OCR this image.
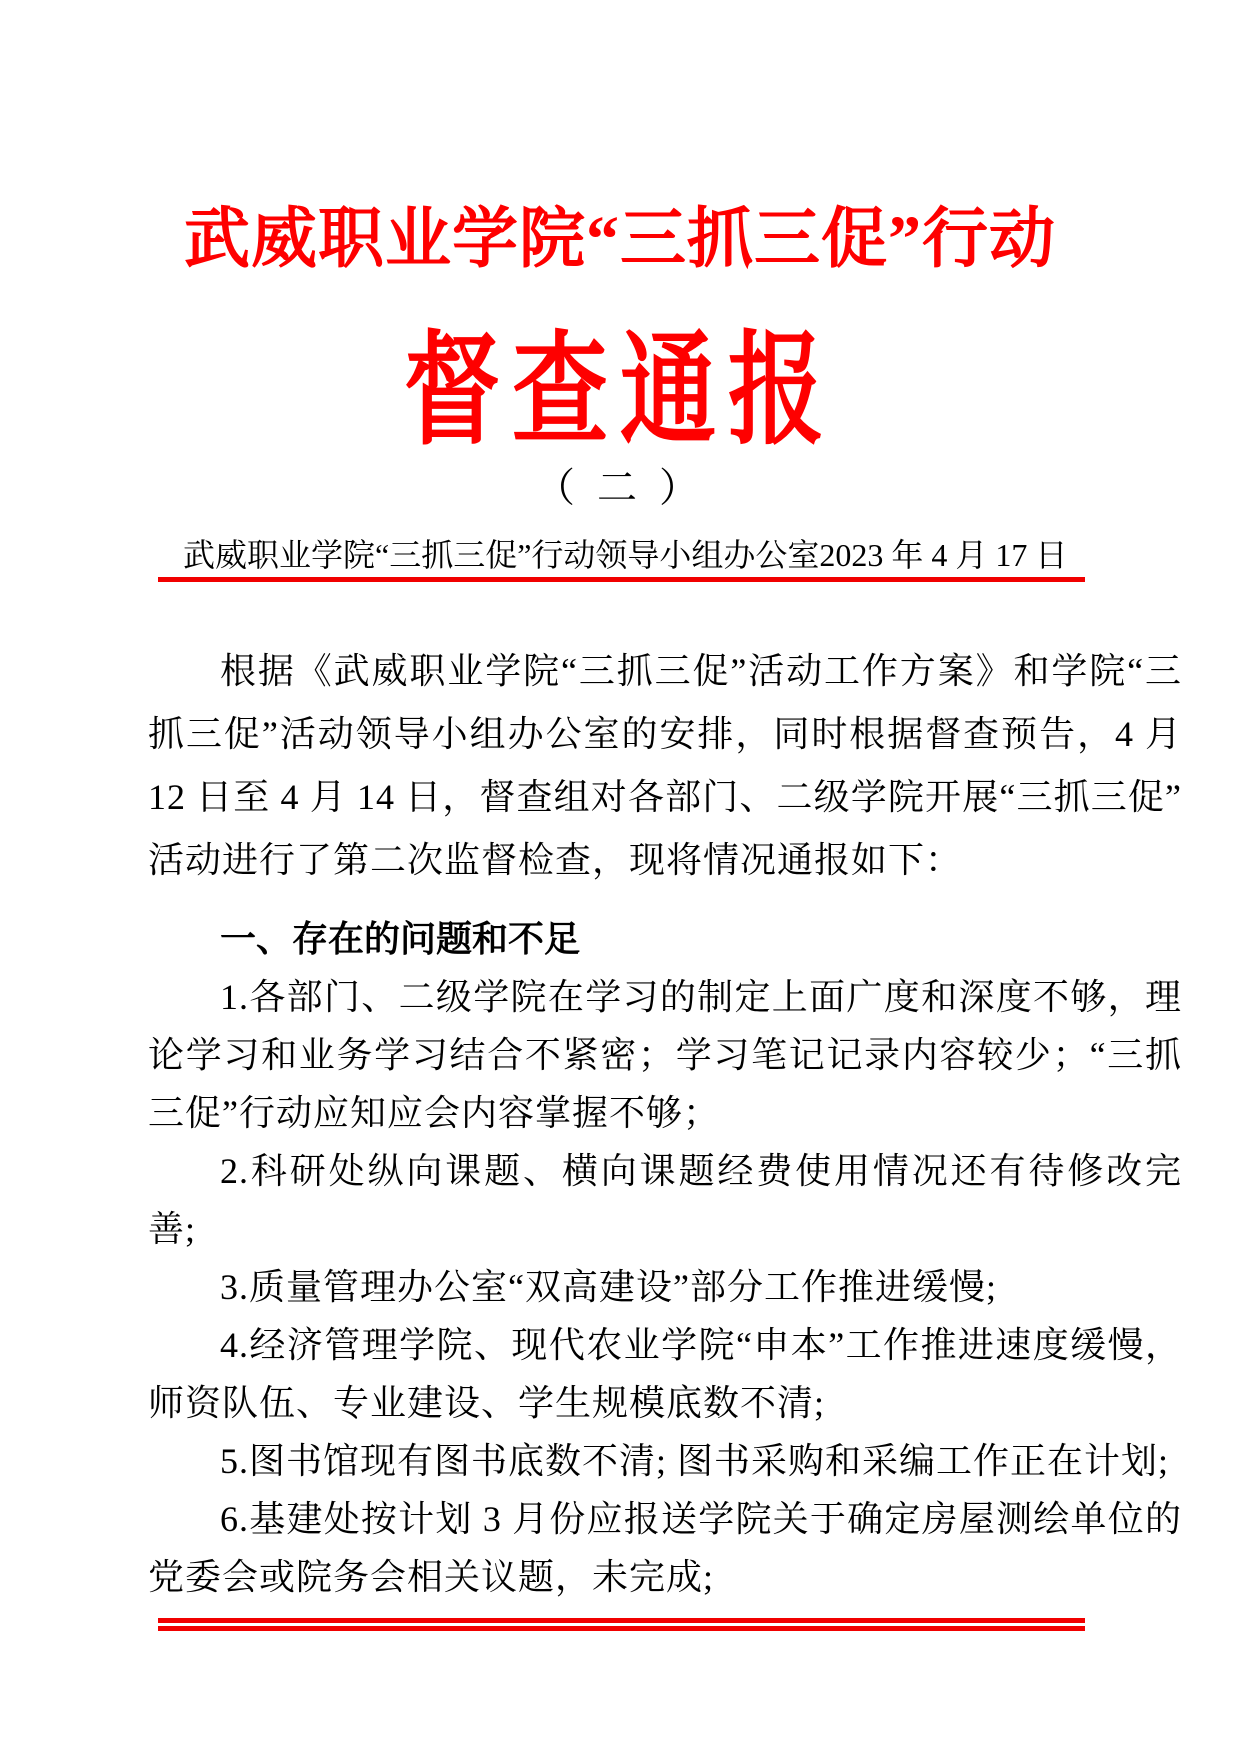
武威职业学院“三抓三促”行动
督查通报
（ 二 ）
武威职业学院“三抓三促”行动领导小组办公室 2023 年 4 月 17 日

根据《武威职业学院“三抓三促”活动工作方案》和学院“三抓三促”活动领导小组办公室的安排，同时根据督查预告，4 月 12 日至 4 月 14 日，督查组对各部门、二级学院开展“三抓三促”活动进行了第二次监督检查，现将情况通报如下：

一、存在的问题和不足

1.各部门、二级学院在学习的制定上面广度和深度不够，理论学习和业务学习结合不紧密；学习笔记记录内容较少；“三抓三促”行动应知应会内容掌握不够；

2.科研处纵向课题、横向课题经费使用情况还有待修改完善;

3.质量管理办公室“双高建设”部分工作推进缓慢;

4.经济管理学院、现代农业学院“申本”工作推进速度缓慢，师资队伍、专业建设、学生规模底数不清;

5.图书馆现有图书底数不清; 图书采购和采编工作正在计划;

6.基建处按计划 3 月份应报送学院关于确定房屋测绘单位的党委会或院务会相关议题，未完成;
